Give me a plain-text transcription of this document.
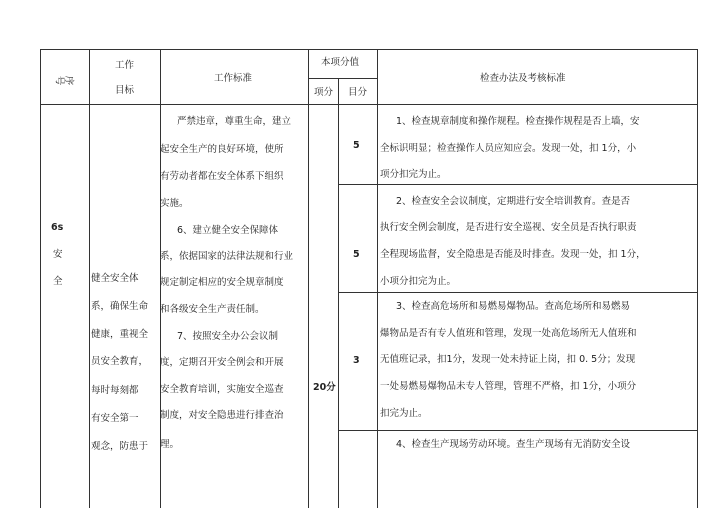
序号
工作
目标
工作标准
本项分值
项分 目分
检查办法及考核标准
6s
安
全	健全安全体
系，确保生命
健康，重视全
员安全教育，
每时每刻都
有安全第一
观念，防患于
严禁违章，尊重生命，建立
起安全生产的良好环境，使所
有劳动者都在安全体系下组织
实施。
6、建立健全安全保障体
系，依据国家的法律法规和行业
规定制定相应的安全规章制度
和各级安全生产责任制。
7、按照安全办公会议制
度，定期召开安全例会和开展
安全教育培训，实施安全巡查
制度，对安全隐患进行排查治
理。
20分
5
5
3
1、检查规章制度和操作规程。检查操作规程是否上墙，安
全标识明显；检查操作人员应知应会。发现一处，扣 1分，小
项分扣完为止。
2、检查安全会议制度，定期进行安全培训教育。查是否
执行安全例会制度，是否进行安全巡视、安全员是否执行职责
全程现场监督，安全隐患是否能及时排查。发现一处，扣 1分，
小项分扣完为止。
3、检查高危场所和易燃易爆物品。查高危场所和易燃易
爆物品是否有专人值班和管理，发现一处高危场所无人值班和
无值班记录，扣1分，发现一处未持证上岗，扣 0. 5分；发现
一处易燃易爆物品未专人管理，管理不严格，扣 1分，小项分
扣完为止。
4、检查生产现场劳动环境。查生产现场有无消防安全设
